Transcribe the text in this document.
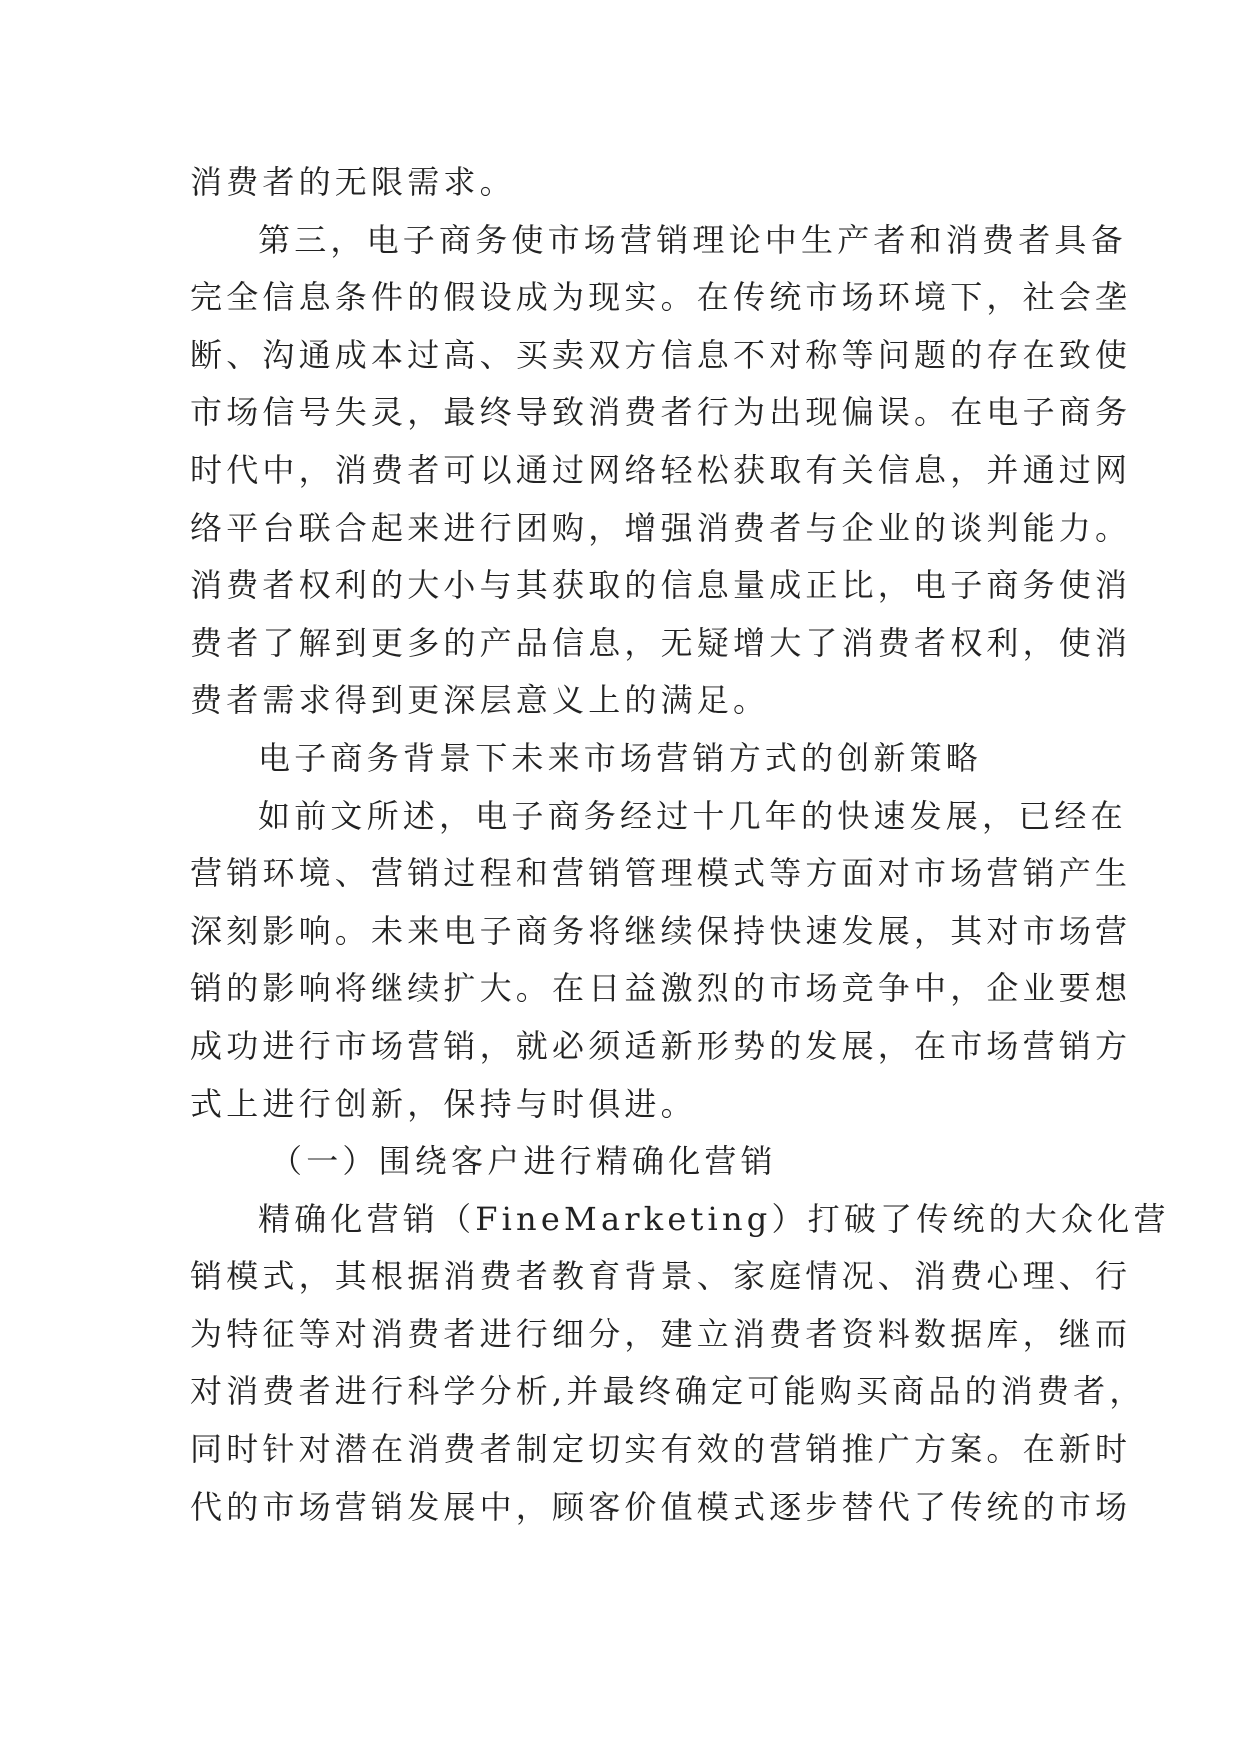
消费者的无限需求。
第三，电子商务使市场营销理论中生产者和消费者具备
完全信息条件的假设成为现实。在传统市场环境下，社会垄
断、沟通成本过高、买卖双方信息不对称等问题的存在致使
市场信号失灵，最终导致消费者行为出现偏误。在电子商务
时代中，消费者可以通过网络轻松获取有关信息，并通过网
络平台联合起来进行团购，增强消费者与企业的谈判能力。
消费者权利的大小与其获取的信息量成正比，电子商务使消
费者了解到更多的产品信息，无疑增大了消费者权利，使消
费者需求得到更深层意义上的满足。
电子商务背景下未来市场营销方式的创新策略
如前文所述，电子商务经过十几年的快速发展，已经在
营销环境、营销过程和营销管理模式等方面对市场营销产生
深刻影响。未来电子商务将继续保持快速发展，其对市场营
销的影响将继续扩大。在日益激烈的市场竞争中，企业要想
成功进行市场营销，就必须适新形势的发展，在市场营销方
式上进行创新，保持与时俱进。
（一）围绕客户进行精确化营销
精确化营销（FineMarketing）打破了传统的大众化营
销模式，其根据消费者教育背景、家庭情况、消费心理、行
为特征等对消费者进行细分，建立消费者资料数据库，继而
对消费者进行科学分析,并最终确定可能购买商品的消费者，
同时针对潜在消费者制定切实有效的营销推广方案。在新时
代的市场营销发展中，顾客价值模式逐步替代了传统的市场
